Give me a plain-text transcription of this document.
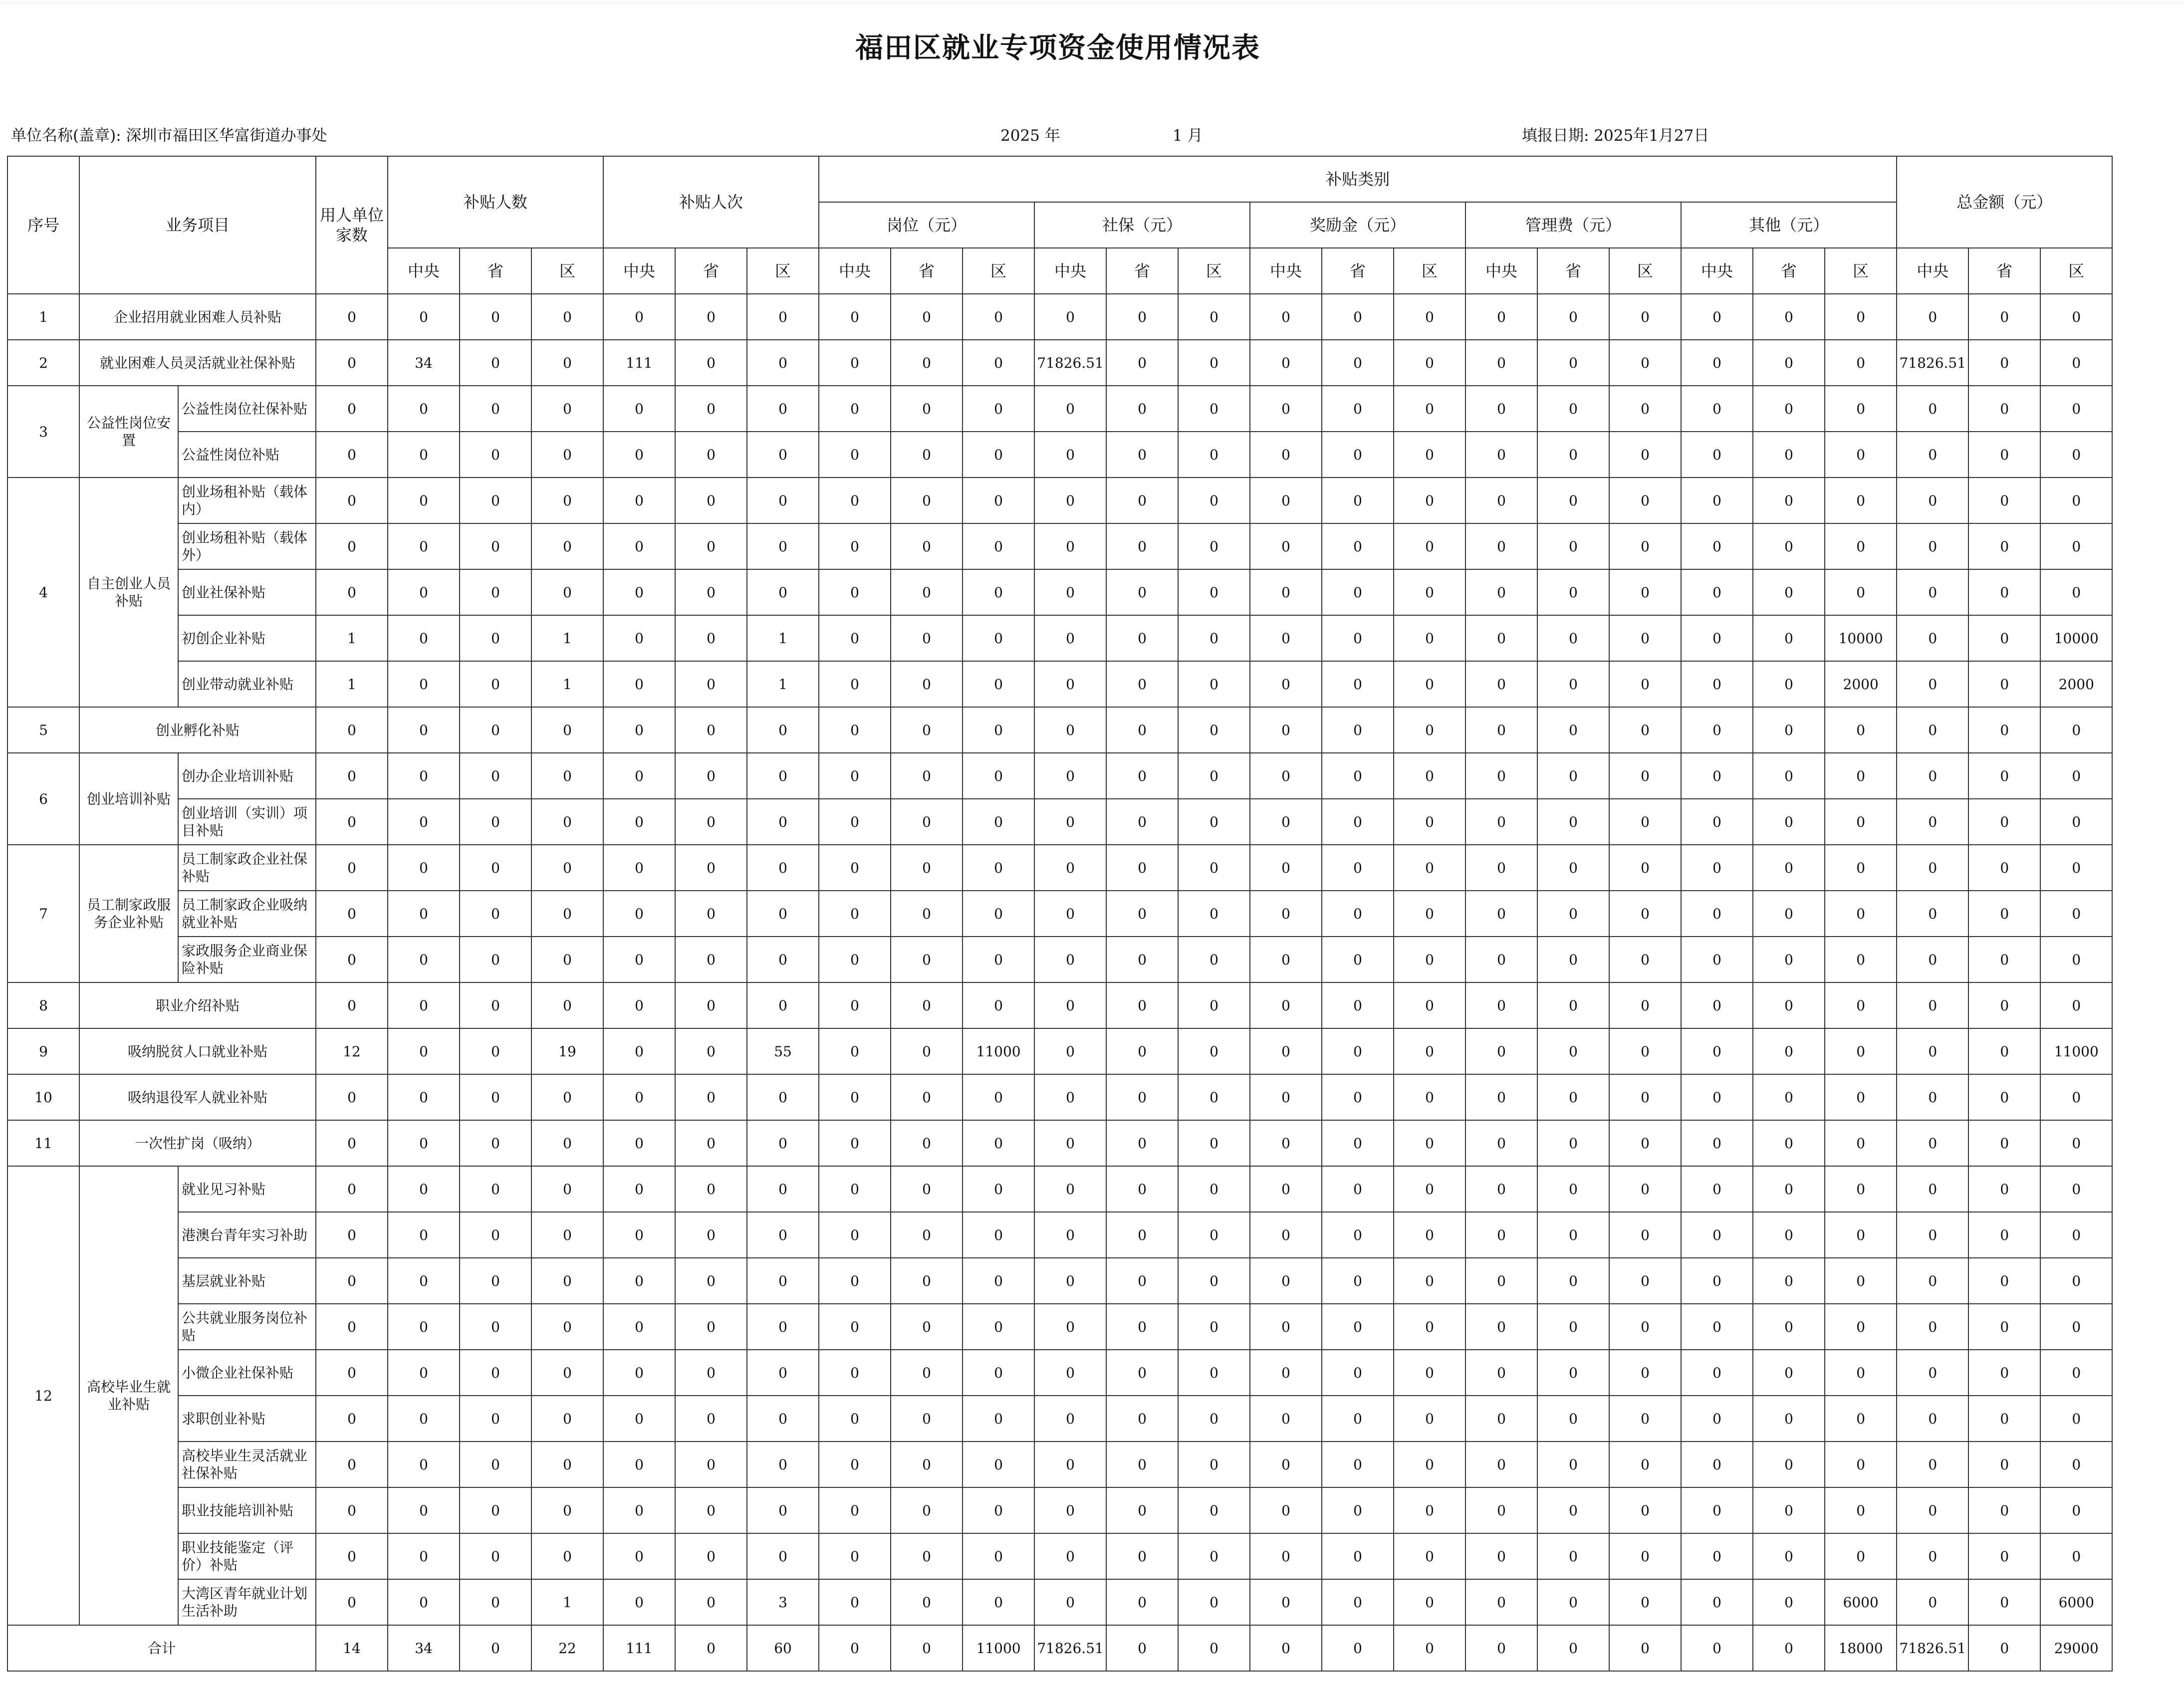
福田区就业专项资金使用情况表
单位名称(盖章): 深圳市福田区华富街道办事处	2025 年	1 月	填报日期: 2025年1月27日
序号	业务项目		用人单位家数	补贴人数			补贴人次			补贴类别															总金额（元）		
										岗位（元）			社保（元）			奖励金（元）			管理费（元）			其他（元）					
				中央	省	区	中央	省	区	中央	省	区	中央	省	区	中央	省	区	中央	省	区	中央	省	区	中央	省	区
1	企业招用就业困难人员补贴		0	0	0	0	0	0	0	0	0	0	0	0	0	0	0	0	0	0	0	0	0	0	0	0	0
2	就业困难人员灵活就业社保补贴		0	34	0	0	111	0	0	0	0	0	71826.51	0	0	0	0	0	0	0	0	0	0	0	71826.51	0	0
3	公益性岗位安置	公益性岗位社保补贴	0	0	0	0	0	0	0	0	0	0	0	0	0	0	0	0	0	0	0	0	0	0	0	0	0
		公益性岗位补贴	0	0	0	0	0	0	0	0	0	0	0	0	0	0	0	0	0	0	0	0	0	0	0	0	0
4	自主创业人员补贴	创业场租补贴（载体内）	0	0	0	0	0	0	0	0	0	0	0	0	0	0	0	0	0	0	0	0	0	0	0	0	0
		创业场租补贴（载体外）	0	0	0	0	0	0	0	0	0	0	0	0	0	0	0	0	0	0	0	0	0	0	0	0	0
		创业社保补贴	0	0	0	0	0	0	0	0	0	0	0	0	0	0	0	0	0	0	0	0	0	0	0	0	0
		初创企业补贴	1	0	0	1	0	0	1	0	0	0	0	0	0	0	0	0	0	0	0	0	0	10000	0	0	10000
		创业带动就业补贴	1	0	0	1	0	0	1	0	0	0	0	0	0	0	0	0	0	0	0	0	0	2000	0	0	2000
5	创业孵化补贴		0	0	0	0	0	0	0	0	0	0	0	0	0	0	0	0	0	0	0	0	0	0	0	0	0
6	创业培训补贴	创办企业培训补贴	0	0	0	0	0	0	0	0	0	0	0	0	0	0	0	0	0	0	0	0	0	0	0	0	0
		创业培训（实训）项目补贴	0	0	0	0	0	0	0	0	0	0	0	0	0	0	0	0	0	0	0	0	0	0	0	0	0
7	员工制家政服务企业补贴	员工制家政企业社保补贴	0	0	0	0	0	0	0	0	0	0	0	0	0	0	0	0	0	0	0	0	0	0	0	0	0
		员工制家政企业吸纳就业补贴	0	0	0	0	0	0	0	0	0	0	0	0	0	0	0	0	0	0	0	0	0	0	0	0	0
		家政服务企业商业保险补贴	0	0	0	0	0	0	0	0	0	0	0	0	0	0	0	0	0	0	0	0	0	0	0	0	0
8	职业介绍补贴		0	0	0	0	0	0	0	0	0	0	0	0	0	0	0	0	0	0	0	0	0	0	0	0	0
9	吸纳脱贫人口就业补贴		12	0	0	19	0	0	55	0	0	11000	0	0	0	0	0	0	0	0	0	0	0	0	0	0	11000
10	吸纳退役军人就业补贴		0	0	0	0	0	0	0	0	0	0	0	0	0	0	0	0	0	0	0	0	0	0	0	0	0
11	一次性扩岗（吸纳）		0	0	0	0	0	0	0	0	0	0	0	0	0	0	0	0	0	0	0	0	0	0	0	0	0
12	高校毕业生就业补贴	就业见习补贴	0	0	0	0	0	0	0	0	0	0	0	0	0	0	0	0	0	0	0	0	0	0	0	0	0
		港澳台青年实习补助	0	0	0	0	0	0	0	0	0	0	0	0	0	0	0	0	0	0	0	0	0	0	0	0	0
		基层就业补贴	0	0	0	0	0	0	0	0	0	0	0	0	0	0	0	0	0	0	0	0	0	0	0	0	0
		公共就业服务岗位补贴	0	0	0	0	0	0	0	0	0	0	0	0	0	0	0	0	0	0	0	0	0	0	0	0	0
		小微企业社保补贴	0	0	0	0	0	0	0	0	0	0	0	0	0	0	0	0	0	0	0	0	0	0	0	0	0
		求职创业补贴	0	0	0	0	0	0	0	0	0	0	0	0	0	0	0	0	0	0	0	0	0	0	0	0	0
		高校毕业生灵活就业社保补贴	0	0	0	0	0	0	0	0	0	0	0	0	0	0	0	0	0	0	0	0	0	0	0	0	0
		职业技能培训补贴	0	0	0	0	0	0	0	0	0	0	0	0	0	0	0	0	0	0	0	0	0	0	0	0	0
		职业技能鉴定（评价）补贴	0	0	0	0	0	0	0	0	0	0	0	0	0	0	0	0	0	0	0	0	0	0	0	0	0
		大湾区青年就业计划生活补助	0	0	0	1	0	0	3	0	0	0	0	0	0	0	0	0	0	0	0	0	0	6000	0	0	6000
合计			14	34	0	22	111	0	60	0	0	11000	71826.51	0	0	0	0	0	0	0	0	0	0	18000	71826.51	0	29000
